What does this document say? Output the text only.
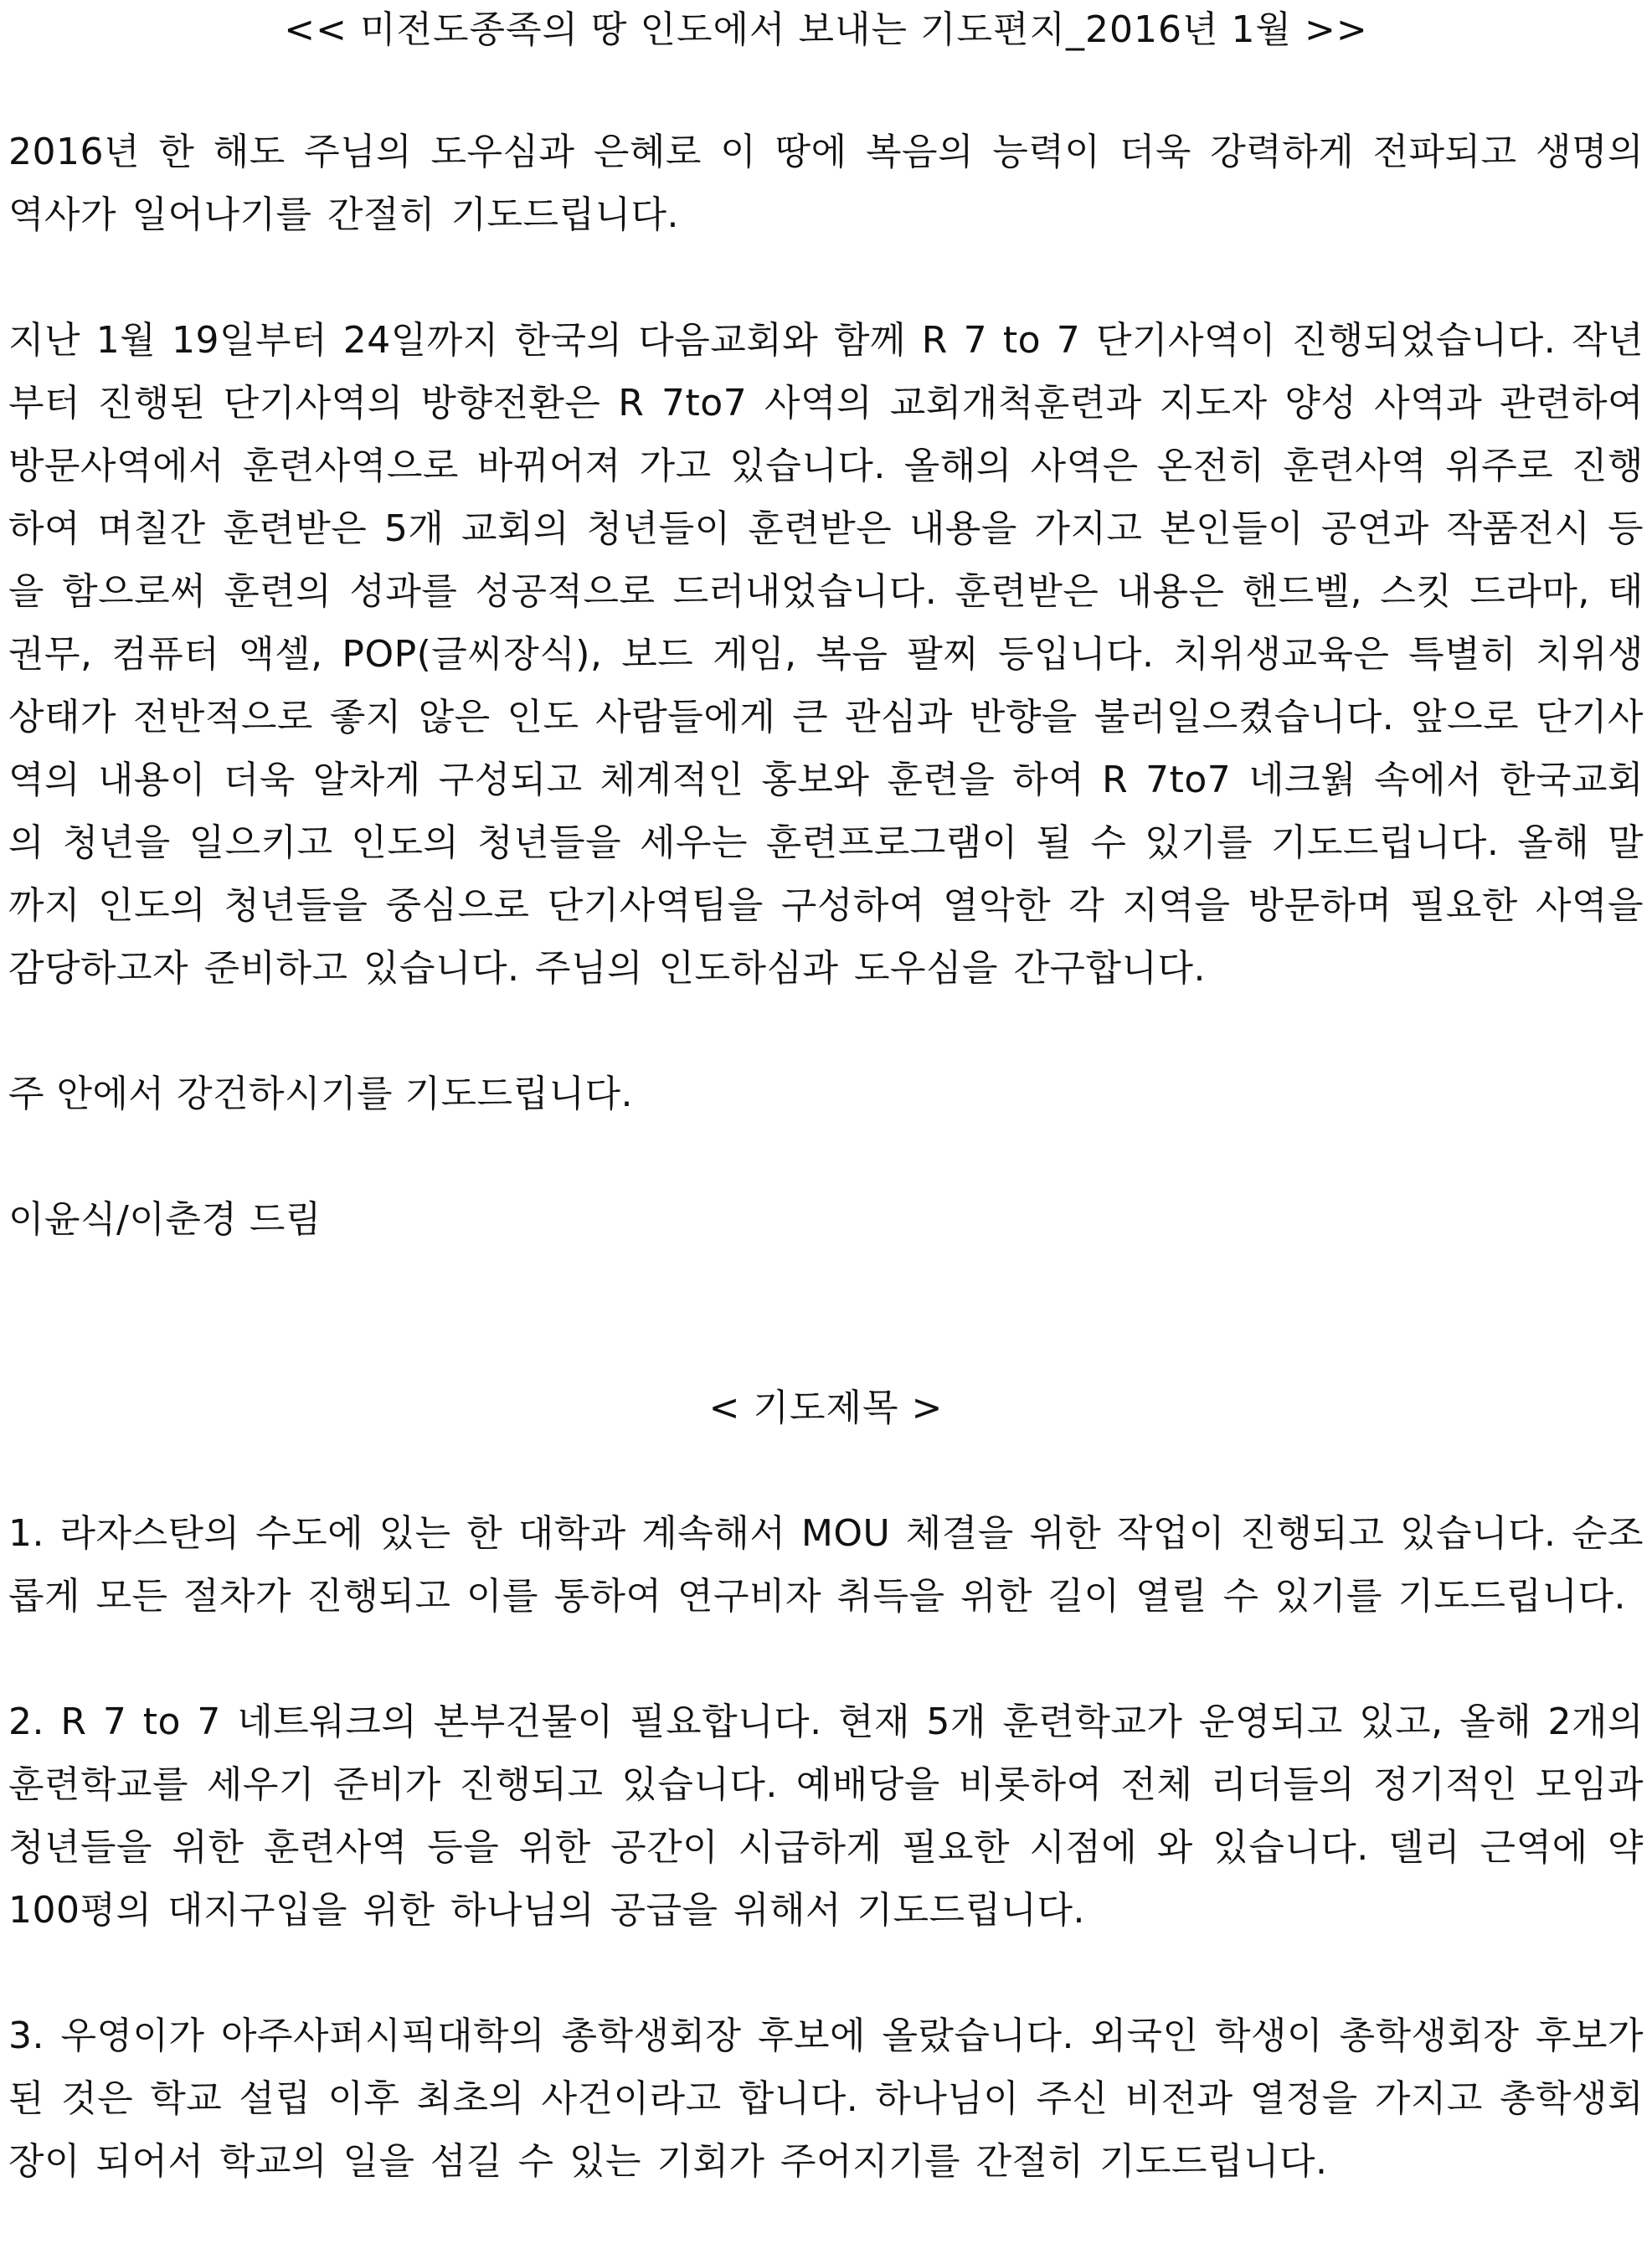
<< 미전도종족의 땅 인도에서 보내는 기도편지_2016년 1월 >>

2016년 한 해도 주님의 도우심과 은혜로 이 땅에 복음의 능력이 더욱 강력하게 전파되고 생명의 역사가 일어나기를 간절히 기도드립니다.

지난 1월 19일부터 24일까지 한국의 다음교회와 함께 R 7 to 7 단기사역이 진행되었습니다. 작년부터 진행된 단기사역의 방향전환은 R 7to7 사역의 교회개척훈련과 지도자 양성 사역과 관련하여 방문사역에서 훈련사역으로 바뀌어져 가고 있습니다. 올해의 사역은 온전히 훈련사역 위주로 진행하여 며칠간 훈련받은 5개 교회의 청년들이 훈련받은 내용을 가지고 본인들이 공연과 작품전시 등을 함으로써 훈련의 성과를 성공적으로 드러내었습니다. 훈련받은 내용은 핸드벨, 스킷 드라마, 태권무, 컴퓨터 액셀, POP(글씨장식), 보드 게임, 복음 팔찌 등입니다. 치위생교육은 특별히 치위생 상태가 전반적으로 좋지 않은 인도 사람들에게 큰 관심과 반향을 불러일으켰습니다. 앞으로 단기사역의 내용이 더욱 알차게 구성되고 체계적인 홍보와 훈련을 하여 R 7to7 네크웕 속에서 한국교회의 청년을 일으키고 인도의 청년들을 세우는 훈련프로그램이 될 수 있기를 기도드립니다. 올해 말까지 인도의 청년들을 중심으로 단기사역팀을 구성하여 열악한 각 지역을 방문하며 필요한 사역을 감당하고자 준비하고 있습니다. 주님의 인도하심과 도우심을 간구합니다.

주 안에서 강건하시기를 기도드립니다.

이윤식/이춘경 드림

< 기도제목 >

1. 라자스탄의 수도에 있는 한 대학과 계속해서 MOU 체결을 위한 작업이 진행되고 있습니다. 순조롭게 모든 절차가 진행되고 이를 통하여 연구비자 취득을 위한 길이 열릴 수 있기를 기도드립니다.

2. R 7 to 7 네트워크의 본부건물이 필요합니다. 현재 5개 훈련학교가 운영되고 있고, 올해 2개의 훈련학교를 세우기 준비가 진행되고 있습니다. 예배당을 비롯하여 전체 리더들의 정기적인 모임과 청년들을 위한 훈련사역 등을 위한 공간이 시급하게 필요한 시점에 와 있습니다. 델리 근역에 약 100평의 대지구입을 위한 하나님의 공급을 위해서 기도드립니다.

3. 우영이가 아주사퍼시픽대학의 총학생회장 후보에 올랐습니다. 외국인 학생이 총학생회장 후보가 된 것은 학교 설립 이후 최초의 사건이라고 합니다. 하나님이 주신 비전과 열정을 가지고 총학생회장이 되어서 학교의 일을 섬길 수 있는 기회가 주어지기를 간절히 기도드립니다.
